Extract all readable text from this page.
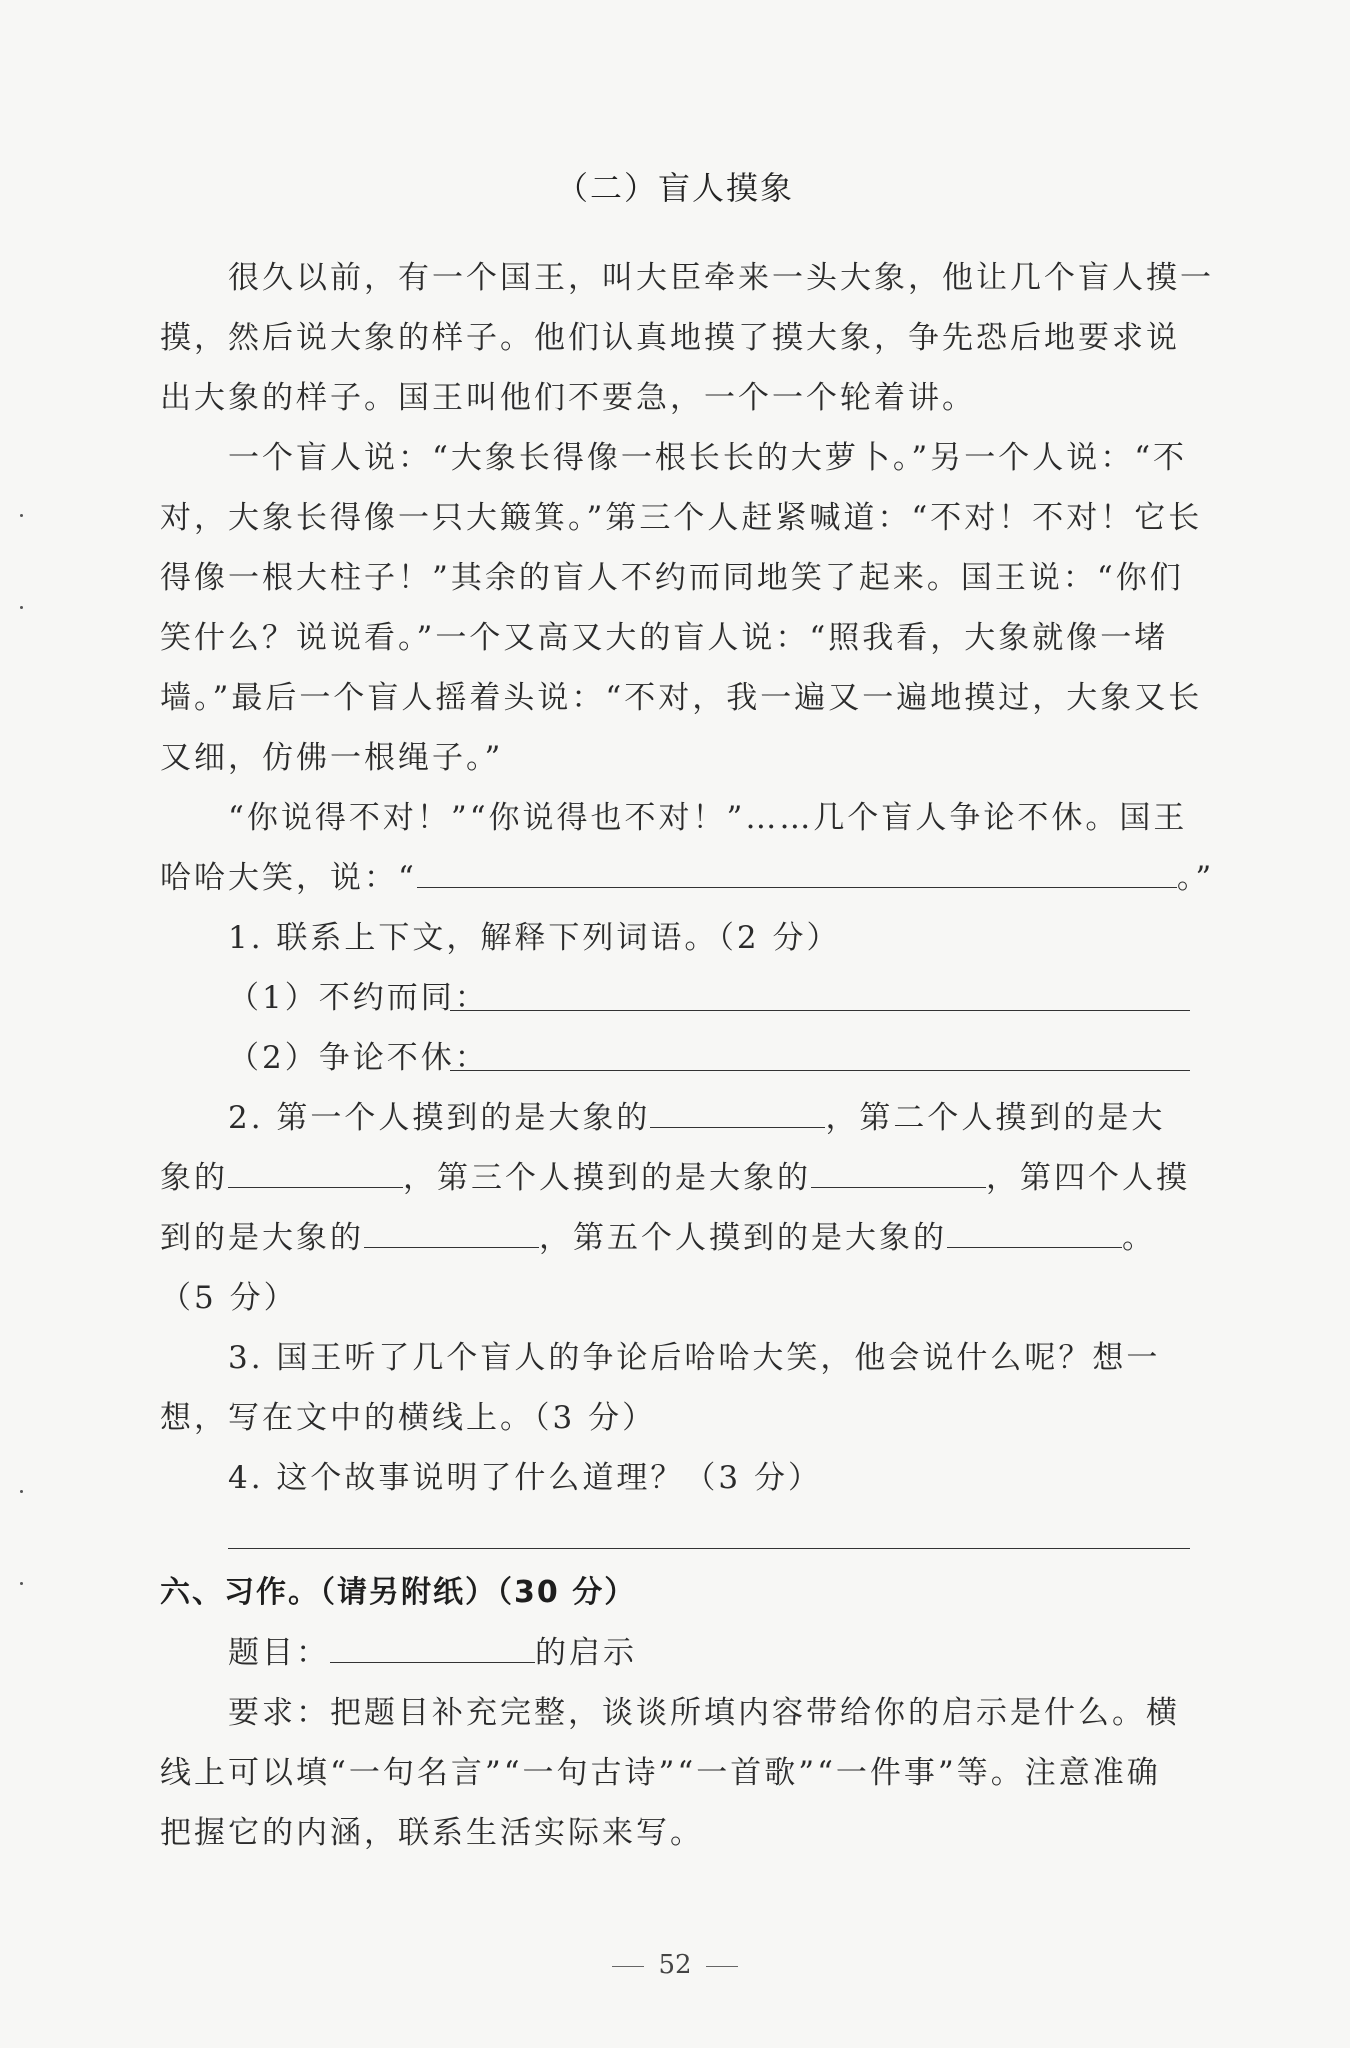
（二）盲人摸象
很久以前，有一个国王，叫大臣牵来一头大象，他让几个盲人摸一
摸，然后说大象的样子。他们认真地摸了摸大象，争先恐后地要求说
出大象的样子。国王叫他们不要急，一个一个轮着讲。
一个盲人说：“大象长得像一根长长的大萝卜。”另一个人说：“不
对，大象长得像一只大簸箕。”第三个人赶紧喊道：“不对！不对！它长
得像一根大柱子！”其余的盲人不约而同地笑了起来。国王说：“你们
笑什么？说说看。”一个又高又大的盲人说：“照我看，大象就像一堵
墙。”最后一个盲人摇着头说：“不对，我一遍又一遍地摸过，大象又长
又细，仿佛一根绳子。”
“你说得不对！”“你说得也不对！”……几个盲人争论不休。国王
哈哈大笑，说：“	。”
1. 联系上下文，解释下列词语。（2 分）
（1）不约而同：
（2）争论不休：
2. 第一个人摸到的是大象的	，第二个人摸到的是大
象的	，第三个人摸到的是大象的	，第四个人摸
到的是大象的	，第五个人摸到的是大象的	。
（5 分）
3. 国王听了几个盲人的争论后哈哈大笑，他会说什么呢？想一
想，写在文中的横线上。（3 分）
4. 这个故事说明了什么道理？（3 分）
六、习作。（请另附纸）（30 分）
题目：	的启示
要求：把题目补充完整，谈谈所填内容带给你的启示是什么。横
线上可以填“一句名言”“一句古诗”“一首歌”“一件事”等。注意准确
把握它的内涵，联系生活实际来写。
52
